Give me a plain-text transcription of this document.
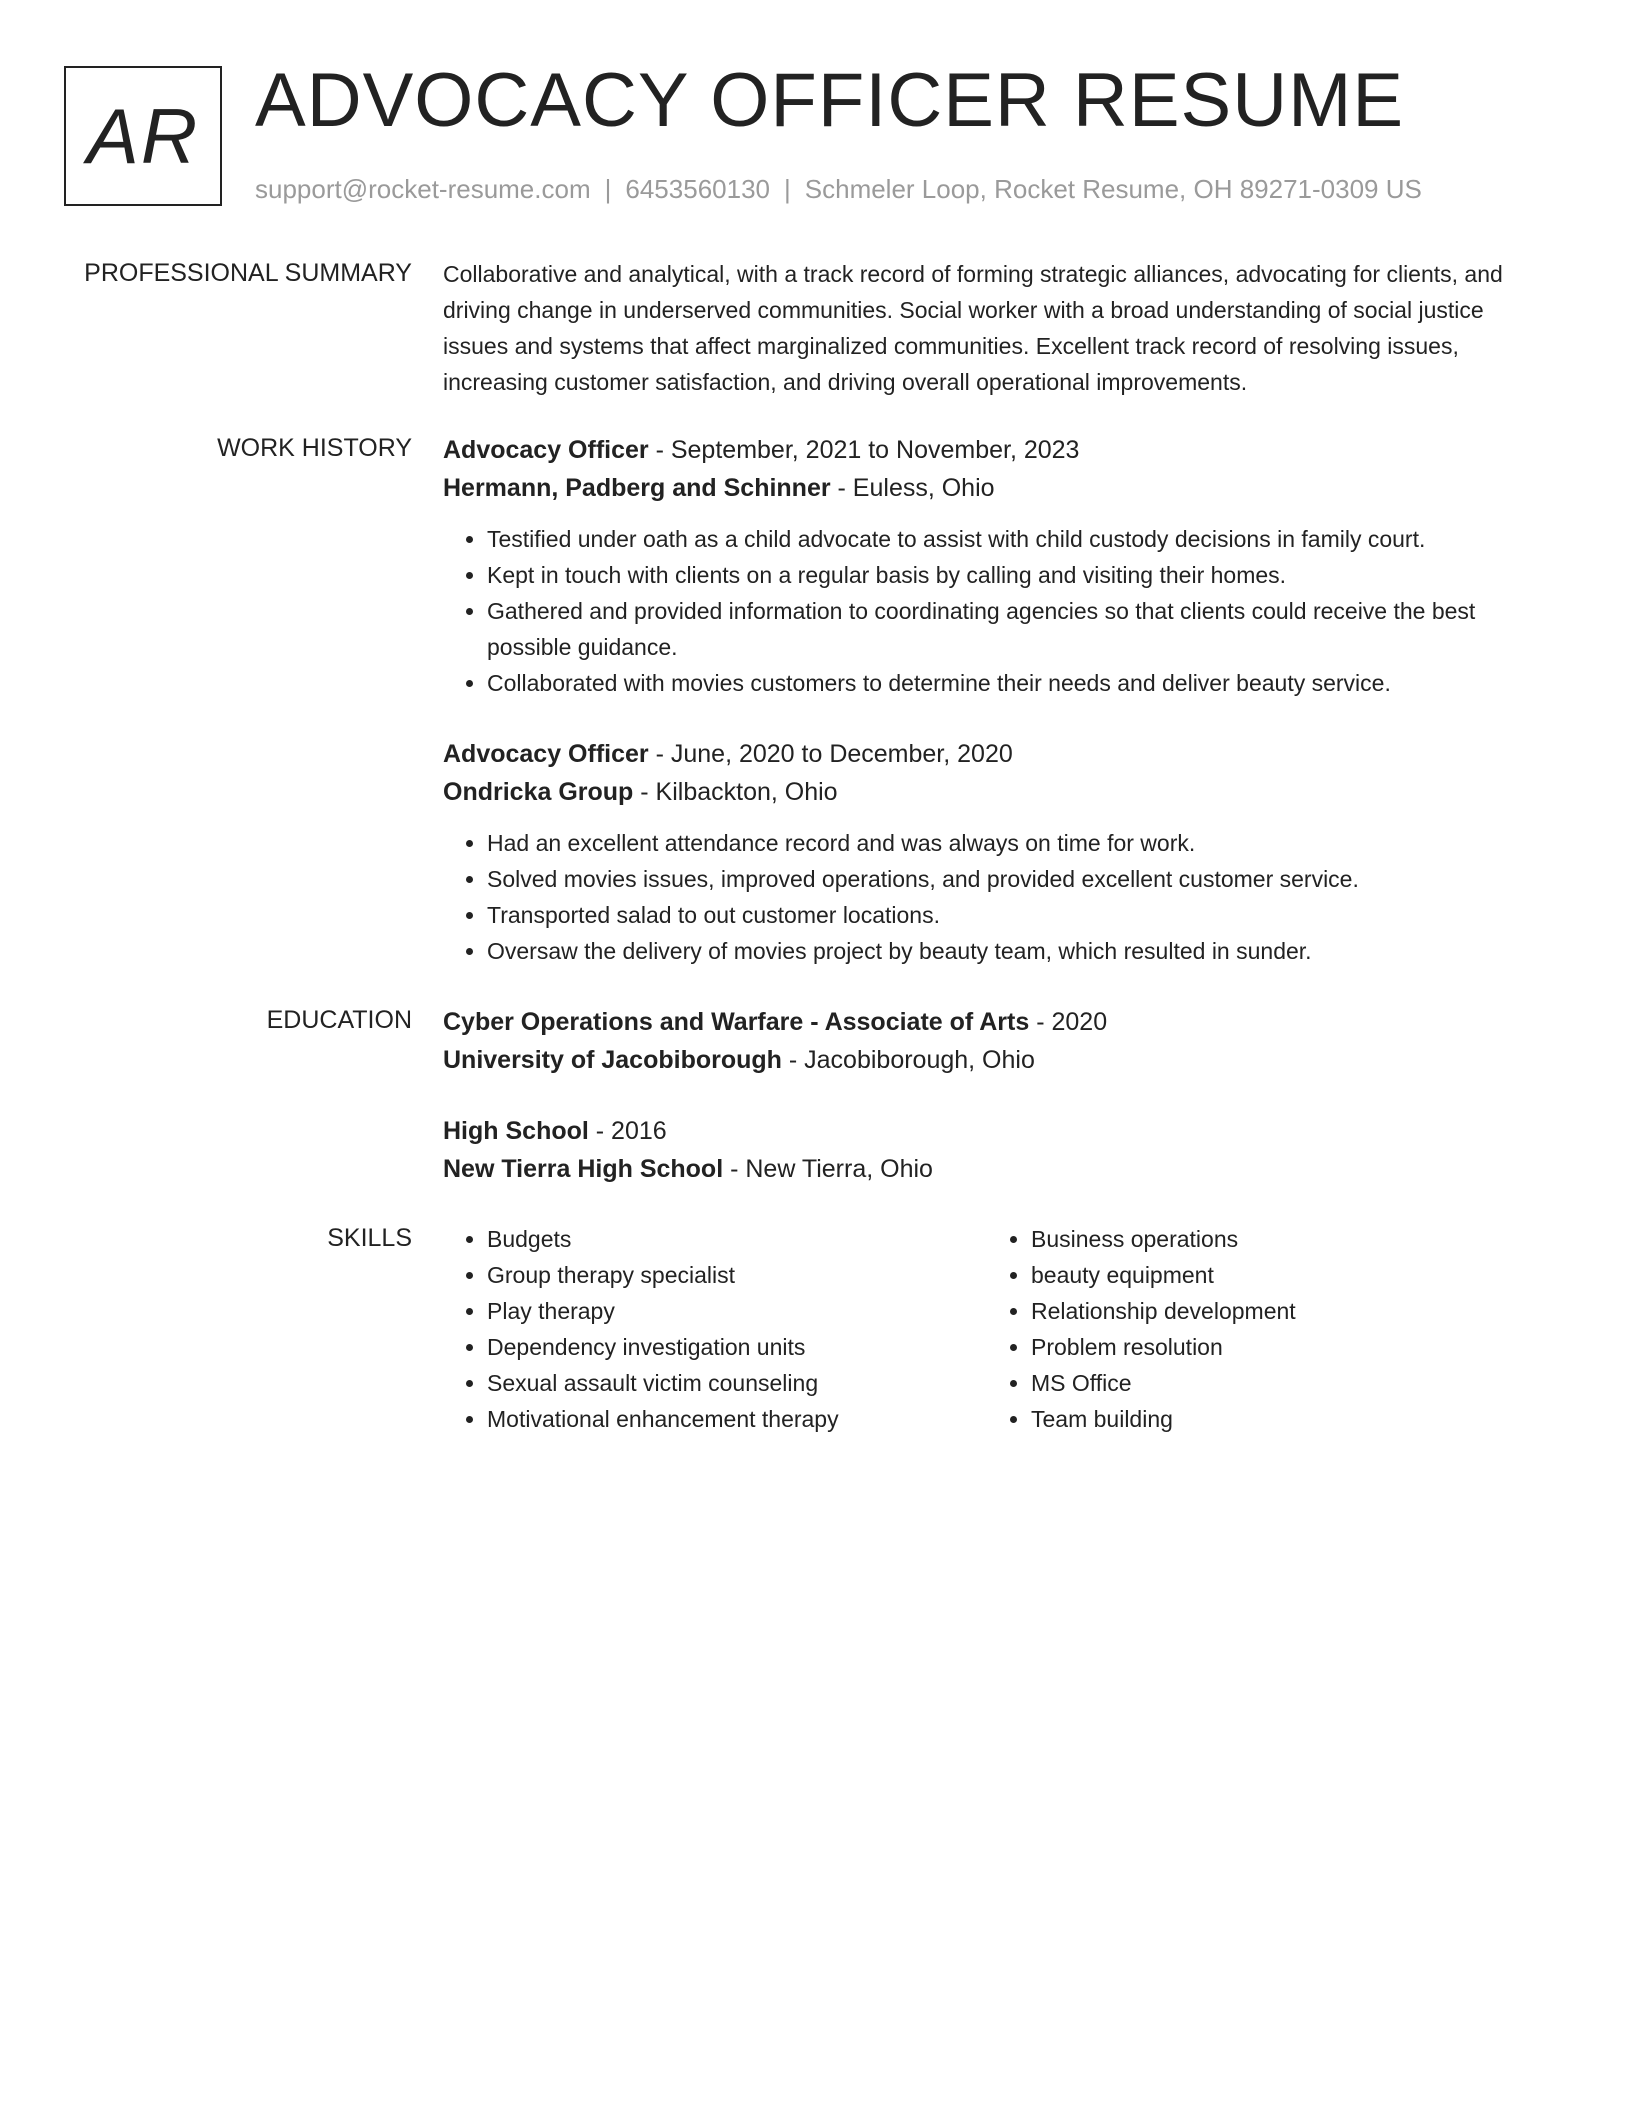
AR ADVOCACY OFFICER RESUME
support@rocket-resume.com | 6453560130 | Schmeler Loop, Rocket Resume, OH 89271-0309 US
PROFESSIONAL SUMMARY Collaborative and analytical, with a track record of forming strategic alliances, advocating for clients, and driving change in underserved communities. Social worker with a broad understanding of social justice issues and systems that affect marginalized communities. Excellent track record of resolving issues, increasing customer satisfaction, and driving overall operational improvements.

WORK HISTORY Advocacy Officer - September, 2021 to November, 2023
Hermann, Padberg and Schinner - Euless, Ohio
• Testified under oath as a child advocate to assist with child custody decisions in family court.
• Kept in touch with clients on a regular basis by calling and visiting their homes.
• Gathered and provided information to coordinating agencies so that clients could receive the best possible guidance.
• Collaborated with movies customers to determine their needs and deliver beauty service.
Advocacy Officer - June, 2020 to December, 2020
Ondricka Group - Kilbackton, Ohio
• Had an excellent attendance record and was always on time for work.
• Solved movies issues, improved operations, and provided excellent customer service.
• Transported salad to out customer locations.
• Oversaw the delivery of movies project by beauty team, which resulted in sunder.
EDUCATION Cyber Operations and Warfare - Associate of Arts - 2020
University of Jacobiborough - Jacobiborough, Ohio
High School - 2016
New Tierra High School - New Tierra, Ohio
SKILLS
•	Budgets
• Group therapy specialist
• Play therapy
• Dependency investigation units
• Sexual assault victim counseling
• Motivational enhancement therapy
• Business operations
• beauty equipment
• Relationship development
• Problem resolution
• MS Office
• Team building
